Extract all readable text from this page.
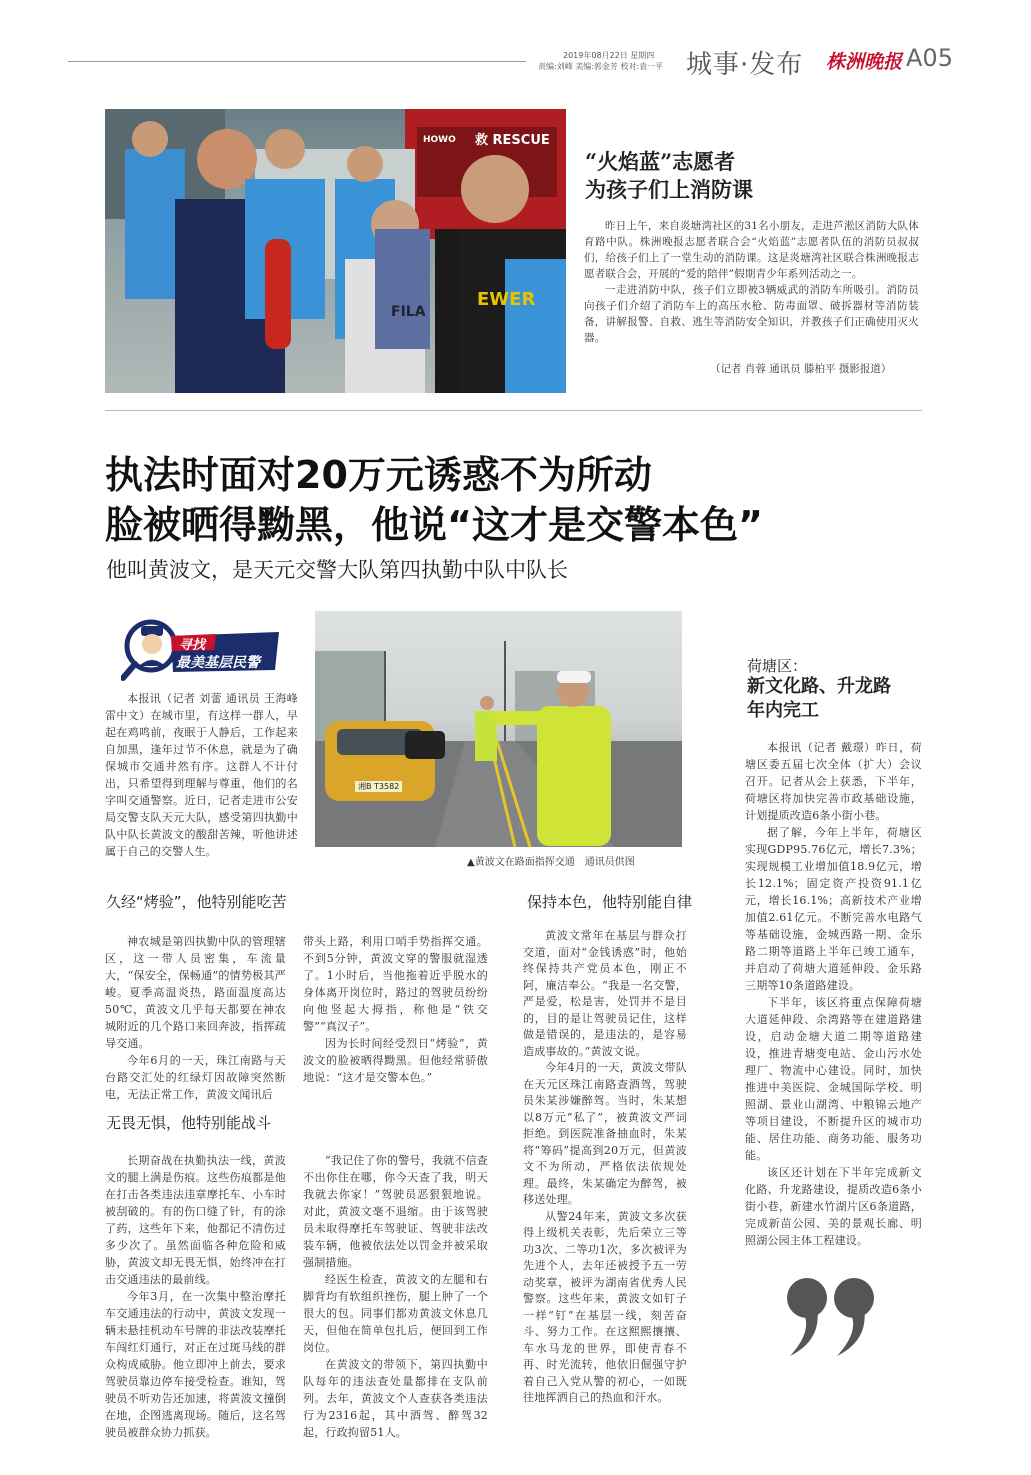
2019年08月22日 星期四
责编:刘峰 美编:郭金芳 校对:袁一平 城事·发布 株洲晚报 A05
HOWO 救 RESCUE
FILA
EWER
“火焰蓝”志愿者
为孩子们上消防课

昨日上午，来自炎塘湾社区的31名小朋友，走进芦淞区消防大队体育路中队。株洲晚报志愿者联合会“火焰蓝”志愿者队伍的消防员叔叔们，给孩子们上了一堂生动的消防课。这是炎塘湾社区联合株洲晚报志愿者联合会，开展的“爱的陪伴”假期青少年系列活动之一。

一走进消防中队，孩子们立即被3辆威武的消防车所吸引。消防员向孩子们介绍了消防车上的高压水枪、防毒面罩、破拆器材等消防装备，讲解报警、自救、逃生等消防安全知识，并教孩子们正确使用灭火器。

（记者 肖蓉 通讯员 滕柏平 摄影报道）
执法时面对20万元诱惑不为所动
脸被晒得黝黑，他说“这才是交警本色”
他叫黄波文，是天元交警大队第四执勤中队中队长
寻找
最美基层民警

本报讯（记者 刘蕾 通讯员 王海峰 雷中文）在城市里，有这样一群人，早起在鸡鸣前，夜眠于人静后，工作起来自加黑，逢年过节不休息，就是为了确保城市交通井然有序。这群人不计付出，只希望得到理解与尊重，他们的名字叫交通警察。近日，记者走进市公安局交警支队天元大队，感受第四执勤中队中队长黄波文的酸甜苦辣，听他讲述属于自己的交警人生。

湘B T3582
▲黄波文在路面指挥交通　通讯员供图
久经“烤验”，他特别能吃苦

神农城是第四执勤中队的管理辖区，这一带人员密集，车流量大，“保安全，保畅通”的情势极其严峻。夏季高温炎热，路面温度高达50℃，黄波文几乎每天都要在神农城附近的几个路口来回奔波，指挥疏导交通。

今年6月的一天，珠江南路与天台路交汇处的红绿灯因故障突然断电，无法正常工作，黄波文闻讯后

带头上路，利用口哨手势指挥交通。不到5分钟，黄波文穿的警服就湿透了。1小时后，当他拖着近乎脱水的身体离开岗位时，路过的驾驶员纷纷向他竖起大拇指，称他是“铁交警”“真汉子”。

因为长时间经受烈日“烤验”，黄波文的脸被晒得黝黑。但他经常骄傲地说：“这才是交警本色。”

无畏无惧，他特别能战斗

长期奋战在执勤执法一线，黄波文的腿上满是伤痕。这些伤痕都是他在打击各类违法违章摩托车、小车时被刮破的。有的伤口缝了针，有的涂了药，这些年下来，他都记不清伤过多少次了。虽然面临各种危险和威胁，黄波文却无畏无惧，始终冲在打击交通违法的最前线。

今年3月，在一次集中整治摩托车交通违法的行动中，黄波文发现一辆未悬挂机动车号牌的非法改装摩托车闯红灯通行，对正在过斑马线的群众构成威胁。他立即冲上前去，要求驾驶员靠边停车接受检查。谁知，驾驶员不听劝告还加速，将黄波文撞倒在地，企图逃离现场。随后，这名驾驶员被群众协力抓获。

“我记住了你的警号，我就不信查不出你住在哪，你今天查了我，明天我就去你家！”驾驶员恶狠狠地说。对此，黄波文毫不退缩。由于该驾驶员未取得摩托车驾驶证、驾驶非法改装车辆，他被依法处以罚金并被采取强制措施。

经医生检查，黄波文的左腿和右脚背均有软组织挫伤，腿上肿了一个很大的包。同事们都劝黄波文休息几天，但他在简单包扎后，便回到工作岗位。

在黄波文的带领下，第四执勤中队每年的违法查处量都排在支队前列。去年，黄波文个人查获各类违法行为2316起，其中酒驾、醉驾32起，行政拘留51人。

保持本色，他特别能自律

黄波文常年在基层与群众打交道，面对“金钱诱惑”时，他始终保持共产党员本色，刚正不阿，廉洁奉公。“我是一名交警，严是爱，松是害，处罚并不是目的，目的是让驾驶员记住，这样做是错误的，是违法的，是容易造成事故的。”黄波文说。

今年4月的一天，黄波文带队在天元区珠江南路查酒驾，驾驶员朱某涉嫌醉驾。当时，朱某想以8万元“私了”，被黄波文严词拒绝。到医院准备抽血时，朱某将“筹码”提高到20万元，但黄波文不为所动，严格依法依规处理。最终，朱某确定为醉驾，被移送处理。

从警24年来，黄波文多次获得上级机关表彰，先后荣立三等功3次、二等功1次，多次被评为先进个人，去年还被授予五一劳动奖章，被评为湖南省优秀人民警察。这些年来，黄波文如钉子一样“钉”在基层一线，刻苦奋斗、努力工作。在这熙熙攘攘、车水马龙的世界，即使青春不再、时光流转，他依旧倔强守护着自己入党从警的初心，一如既往地挥洒自己的热血和汗水。

荷塘区：
新文化路、升龙路
年内完工

本报讯（记者 戴璟）昨日，荷塘区委五届七次全体（扩大）会议召开。记者从会上获悉，下半年，荷塘区将加快完善市政基础设施，计划提质改造6条小街小巷。

据了解，今年上半年，荷塘区实现GDP95.76亿元，增长7.3%；实现规模工业增加值18.9亿元，增长12.1%；固定资产投资91.1亿元，增长16.1%；高新技术产业增加值2.61亿元。不断完善水电路气等基础设施，金城西路一期、金乐路二期等道路上半年已竣工通车，并启动了荷塘大道延伸段、金乐路三期等10条道路建设。

下半年，该区将重点保障荷塘大道延伸段、余湾路等在建道路建设，启动金塘大道二期等道路建设，推进青塘变电站、金山污水处理厂、物流中心建设。同时，加快推进中美医院、金城国际学校、明照湖、景业山湖湾、中粮锦云地产等项目建设，不断提升区的城市功能、居住功能、商务功能、服务功能。

该区还计划在下半年完成新文化路、升龙路建设，提质改造6条小街小巷，新建水竹湖片区6条道路，完成新苗公园、美的景观长廊、明照湖公园主体工程建设。
